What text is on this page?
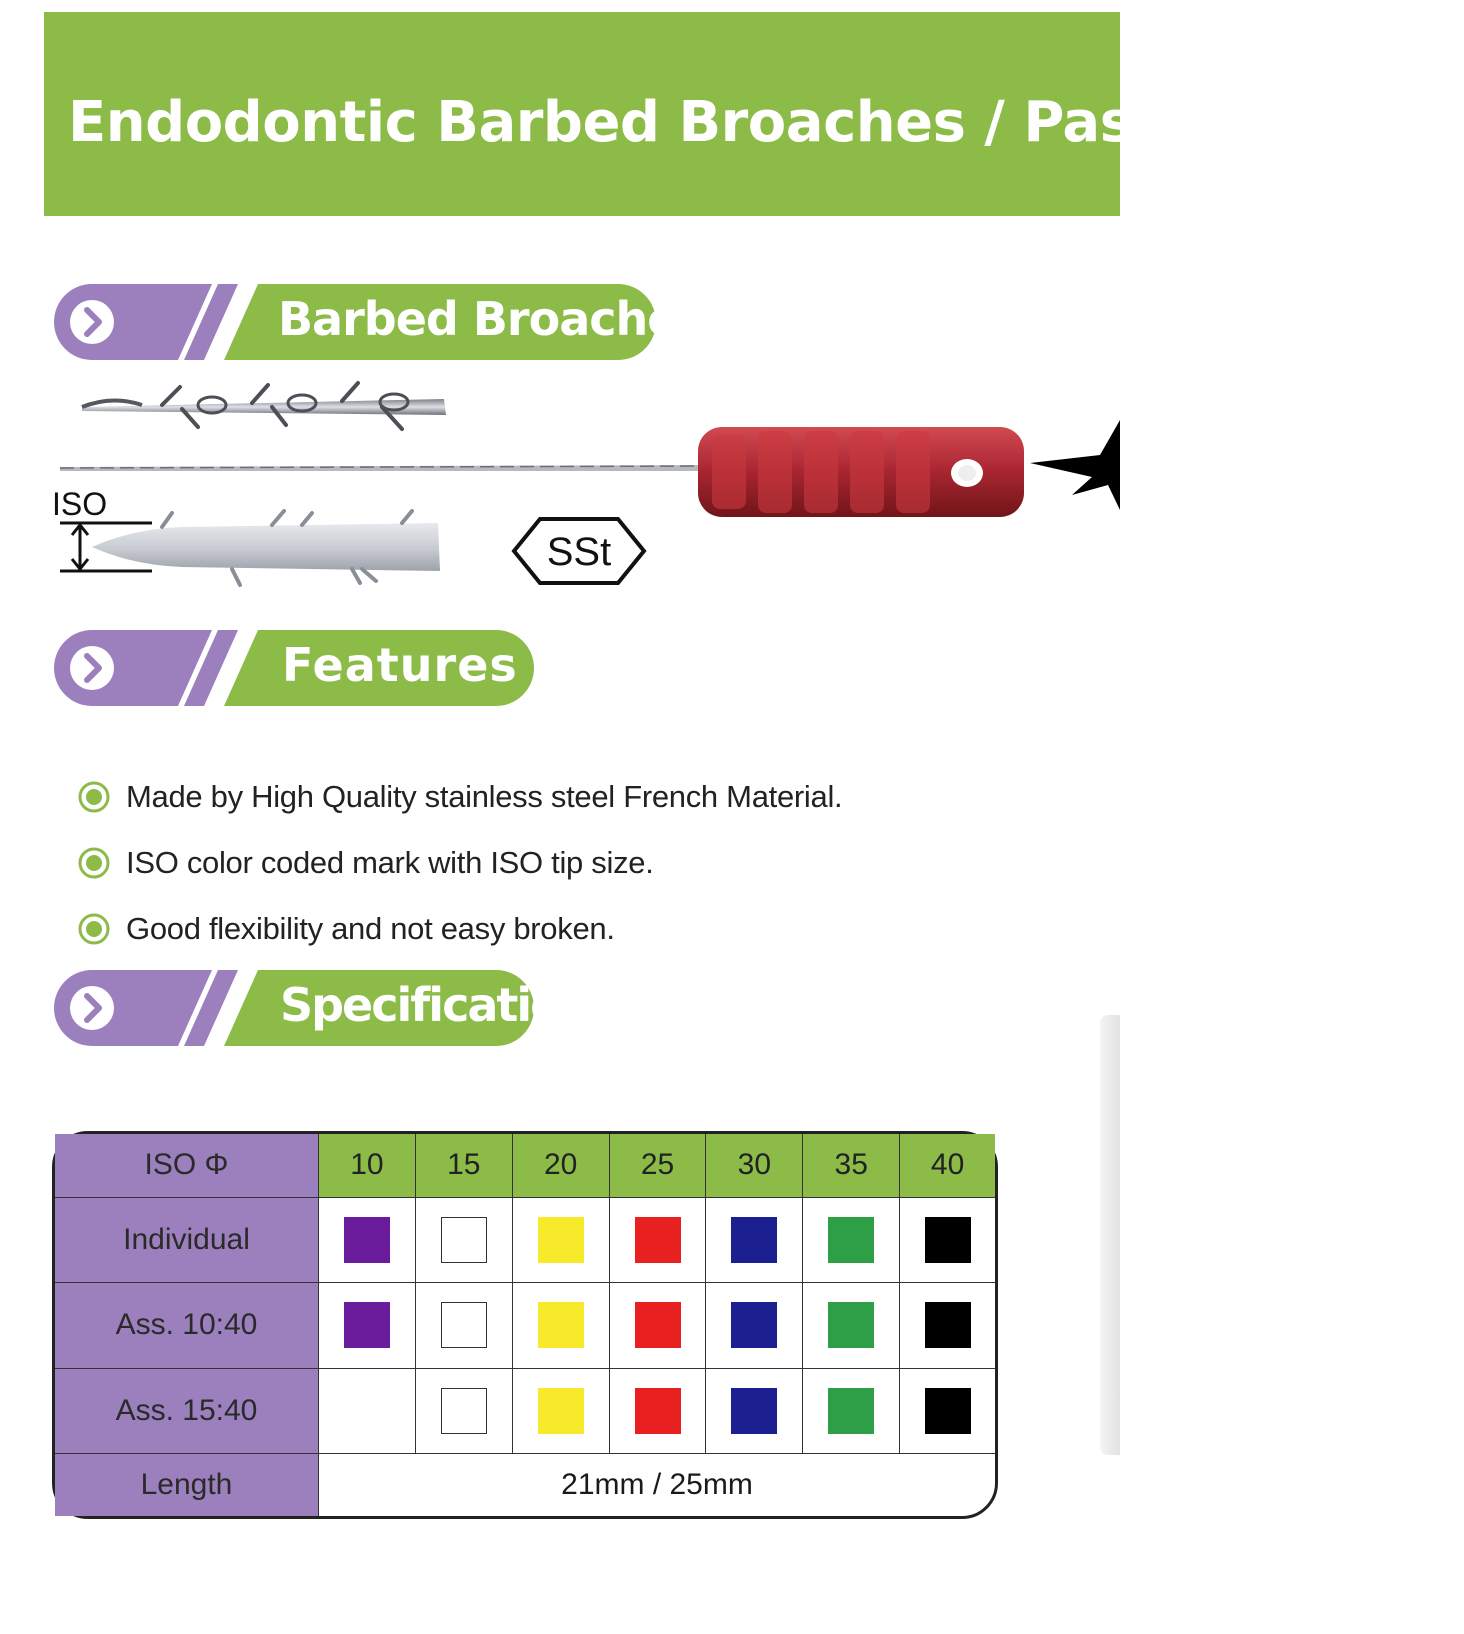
Endodontic Barbed Broaches / Paste Carriers
Barbed Broaches
ISO
SSt
Features
Made by High Quality stainless steel French Material.
ISO color coded mark with ISO tip size.
Good flexibility and not easy broken.
Specifications
ISO Φ	10	15	20	25	30	35	40
Individual							
Ass. 10:40							
Ass. 15:40							
Length	21mm / 25mm						
